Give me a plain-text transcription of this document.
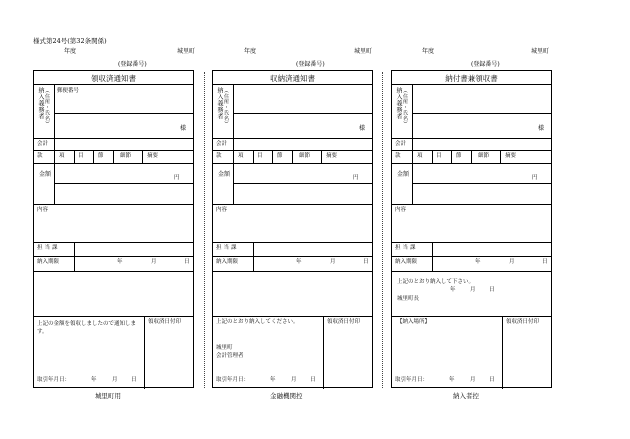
様式第24号(第32条関係)
年度	城里町	年度	城里町	年度	城里町
(登録番号)	(登録番号)	(登録番号)
領収済通知書
納入義務者 (住所・氏名) 郵便番号
様
会計
款	項 目	節	細節	摘要
金額	円
内容
担当課
納入期限	年	月	日
上記の金額を領収しましたので通知します。
領収済日付印
取引年月日：	年	月 日
城里町用
収納済通知書
納入義務者 (住所・氏名)
様
会計
款	項 目	節	細節	摘要
金額	円
内容
担当課
納入期限	年	月	日
上記のとおり納入してください。
城里町
会計管理者
領収済日付印
取引年月日：	年	月 日
金融機関控
納付書兼領収書
納入義務者 (住所・氏名)
様
会計
款	項 目	節	細節	摘要
金額	円
内容
担当課
納入期限	年	月	日
上記のとおり納入して下さい。
年	月 日
城里町長
【納入場所】	領収済日付印
取引年月日：	年	月 日
納入者控
